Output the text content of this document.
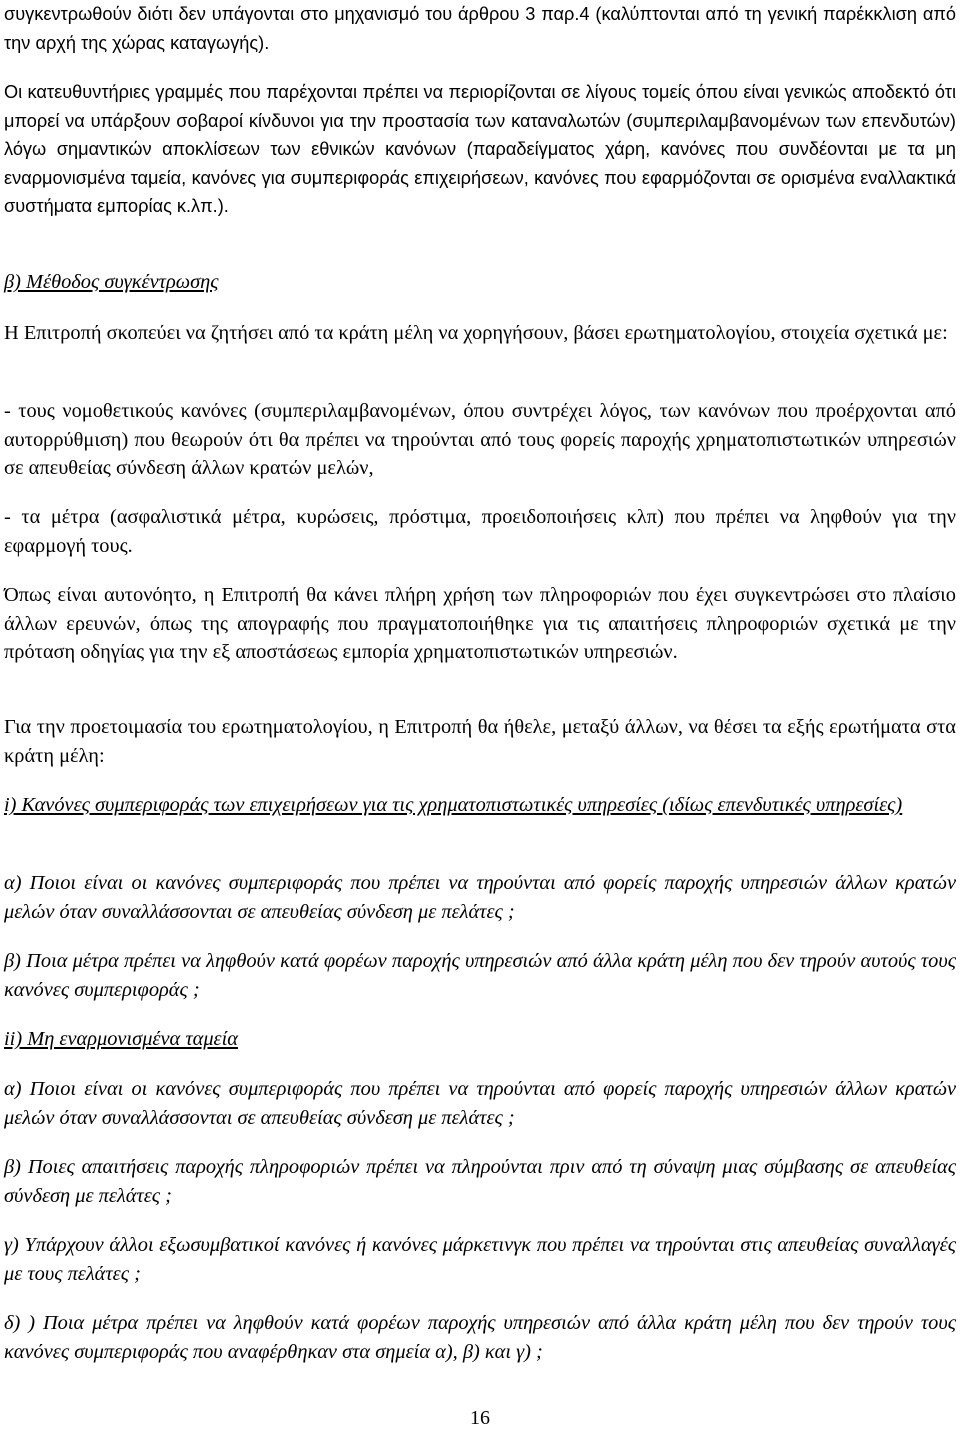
συγκεντρωθούν διότι δεν υπάγονται στο μηχανισμό του άρθρου 3 παρ.4 (καλύπτονται από τη γενική παρέκκλιση από την αρχή της χώρας καταγωγής).

Οι κατευθυντήριες γραμμές που παρέχονται πρέπει να περιορίζονται σε λίγους τομείς όπου είναι γενικώς αποδεκτό ότι μπορεί να υπάρξουν σοβαροί κίνδυνοι για την προστασία των καταναλωτών (συμπεριλαμβανομένων των επενδυτών) λόγω σημαντικών αποκλίσεων των εθνικών κανόνων (παραδείγματος χάρη, κανόνες που συνδέονται με τα μη εναρμονισμένα ταμεία, κανόνες για συμπεριφοράς επιχειρήσεων, κανόνες που εφαρμόζονται σε ορισμένα εναλλακτικά συστήματα εμπορίας κ.λπ.).

β) Μέθοδος συγκέντρωσης

Η Επιτροπή σκοπεύει να ζητήσει από τα κράτη μέλη να χορηγήσουν, βάσει ερωτηματολογίου, στοιχεία σχετικά με:

- τους νομοθετικούς κανόνες (συμπεριλαμβανομένων, όπου συντρέχει λόγος, των κανόνων που προέρχονται από αυτορρύθμιση) που θεωρούν ότι θα πρέπει να τηρούνται από τους φορείς παροχής χρηματοπιστωτικών υπηρεσιών σε απευθείας σύνδεση άλλων κρατών μελών,

- τα μέτρα (ασφαλιστικά μέτρα, κυρώσεις, πρόστιμα, προειδοποιήσεις κλπ) που πρέπει να ληφθούν για την εφαρμογή τους.

Όπως είναι αυτονόητο, η Επιτροπή θα κάνει πλήρη χρήση των πληροφοριών που έχει συγκεντρώσει στο πλαίσιο άλλων ερευνών, όπως της απογραφής που πραγματοποιήθηκε για τις απαιτήσεις πληροφοριών σχετικά με την πρόταση οδηγίας για την εξ αποστάσεως εμπορία χρηματοπιστωτικών υπηρεσιών.

Για την προετοιμασία του ερωτηματολογίου, η Επιτροπή θα ήθελε, μεταξύ άλλων, να θέσει τα εξής ερωτήματα στα κράτη μέλη:

i) Κανόνες συμπεριφοράς των επιχειρήσεων για τις χρηματοπιστωτικές υπηρεσίες (ιδίως επενδυτικές υπηρεσίες)

α) Ποιοι είναι οι κανόνες συμπεριφοράς που πρέπει να τηρούνται από φορείς παροχής υπηρεσιών άλλων κρατών μελών όταν συναλλάσσονται σε απευθείας σύνδεση με πελάτες ;

β) Ποια μέτρα πρέπει να ληφθούν κατά φορέων παροχής υπηρεσιών από άλλα κράτη μέλη που δεν τηρούν αυτούς τους κανόνες συμπεριφοράς ;

ii) Μη εναρμονισμένα ταμεία

α) Ποιοι είναι οι κανόνες συμπεριφοράς που πρέπει να τηρούνται από φορείς παροχής υπηρεσιών άλλων κρατών μελών όταν συναλλάσσονται σε απευθείας σύνδεση με πελάτες ;

β) Ποιες απαιτήσεις παροχής πληροφοριών πρέπει να πληρούνται πριν από τη σύναψη μιας σύμβασης σε απευθείας σύνδεση με πελάτες ;

γ) Υπάρχουν άλλοι εξωσυμβατικοί κανόνες ή κανόνες μάρκετινγκ που πρέπει να τηρούνται στις απευθείας συναλλαγές με τους πελάτες ;

δ) ) Ποια μέτρα πρέπει να ληφθούν κατά φορέων παροχής υπηρεσιών από άλλα κράτη μέλη που δεν τηρούν τους κανόνες συμπεριφοράς που αναφέρθηκαν στα σημεία α), β) και γ) ;

16
